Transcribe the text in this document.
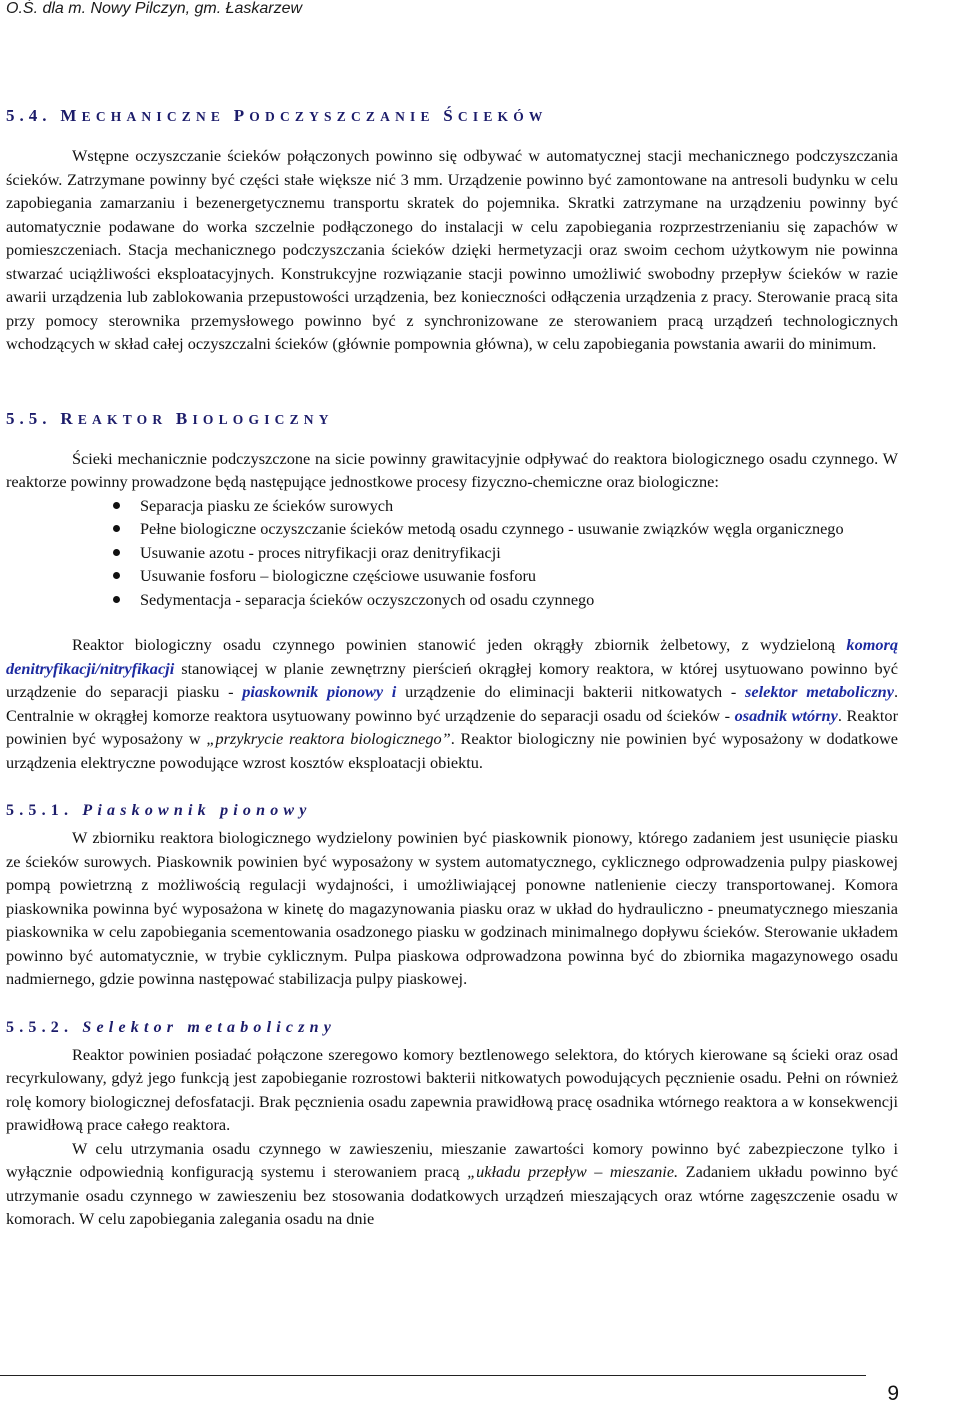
O.Ś. dla m. Nowy Pilczyn, gm. Łaskarzew
5.4. MECHANICZNE PODCZYSZCZANIE ŚCIEKÓW

Wstępne oczyszczanie ścieków połączonych powinno się odbywać w automatycznej stacji mechanicznego podczyszczania ścieków. Zatrzymane powinny być części stałe większe nić 3 mm. Urządzenie powinno być zamontowane na antresoli budynku w celu zapobiegania zamarzaniu i bezenergetycznemu transportu skratek do pojemnika. Skratki zatrzymane na urządzeniu powinny być automatycznie podawane do worka szczelnie podłączonego do instalacji w celu zapobiegania rozprzestrzenianiu się zapachów w pomieszczeniach. Stacja mechanicznego podczyszczania ścieków dzięki hermetyzacji oraz swoim cechom użytkowym nie powinna stwarzać uciążliwości eksploatacyjnych. Konstrukcyjne rozwiązanie stacji powinno umożliwić swobodny przepływ ścieków w razie awarii urządzenia lub zablokowania przepustowości urządzenia, bez konieczności odłączenia urządzenia z pracy. Sterowanie pracą sita przy pomocy sterownika przemysłowego powinno być z synchronizowane ze sterowaniem pracą urządzeń technologicznych wchodzących w skład całej oczyszczalni ścieków (głównie pompownia główna), w celu zapobiegania powstania awarii do minimum.

5.5. REAKTOR BIOLOGICZNY

Ścieki mechanicznie podczyszczone na sicie powinny grawitacyjnie odpływać do reaktora biologicznego osadu czynnego. W reaktorze powinny prowadzone będą następujące jednostkowe procesy fizyczno-chemiczne oraz biologiczne:

Separacja piasku ze ścieków surowych
Pełne biologiczne oczyszczanie ścieków metodą osadu czynnego - usuwanie związków węgla organicznego
Usuwanie azotu - proces nitryfikacji oraz denitryfikacji
Usuwanie fosforu – biologiczne częściowe usuwanie fosforu
Sedymentacja - separacja ścieków oczyszczonych od osadu czynnego

Reaktor biologiczny osadu czynnego powinien stanowić jeden okrągły zbiornik żelbetowy, z wydzieloną komorą denitryfikacji/nitryfikacji stanowiącej w planie zewnętrzny pierścień okrągłej komory reaktora, w której usytuowano powinno być urządzenie do separacji piasku - piaskownik pionowy i urządzenie do eliminacji bakterii nitkowatych - selektor metaboliczny. Centralnie w okrągłej komorze reaktora usytuowany powinno być urządzenie do separacji osadu od ścieków - osadnik wtórny. Reaktor powinien być wyposażony w „przykrycie reaktora biologicznego”. Reaktor biologiczny nie powinien być wyposażony w dodatkowe urządzenia elektryczne powodujące wzrost kosztów eksploatacji obiektu.

5.5.1. Piaskownik pionowy

W zbiorniku reaktora biologicznego wydzielony powinien być piaskownik pionowy, którego zadaniem jest usunięcie piasku ze ścieków surowych. Piaskownik powinien być wyposażony w system automatycznego, cyklicznego odprowadzenia pulpy piaskowej pompą powietrzną z możliwością regulacji wydajności, i umożliwiającej ponowne natlenienie cieczy transportowanej. Komora piaskownika powinna być wyposażona w kinetę do magazynowania piasku oraz w układ do hydrauliczno - pneumatycznego mieszania piaskownika w celu zapobiegania scementowania osadzonego piasku w godzinach minimalnego dopływu ścieków. Sterowanie układem powinno być automatycznie, w trybie cyklicznym. Pulpa piaskowa odprowadzona powinna być do zbiornika magazynowego osadu nadmiernego, gdzie powinna następować stabilizacja pulpy piaskowej.

5.5.2. Selektor metaboliczny

Reaktor powinien posiadać połączone szeregowo komory beztlenowego selektora, do których kierowane są ścieki oraz osad recyrkulowany, gdyż jego funkcją jest zapobieganie rozrostowi bakterii nitkowatych powodujących pęcznienie osadu. Pełni on również rolę komory biologicznej defosfatacji. Brak pęcznienia osadu zapewnia prawidłową pracę osadnika wtórnego reaktora a w konsekwencji prawidłową prace całego reaktora.

W celu utrzymania osadu czynnego w zawieszeniu, mieszanie zawartości komory powinno być zabezpieczone tylko i wyłącznie odpowiednią konfiguracją systemu i sterowaniem pracą „układu przepływ – mieszanie. Zadaniem układu powinno być utrzymanie osadu czynnego w zawieszeniu bez stosowania dodatkowych urządzeń mieszających oraz wtórne zagęszczenie osadu w komorach. W celu zapobiegania zalegania osadu na dnie

9
